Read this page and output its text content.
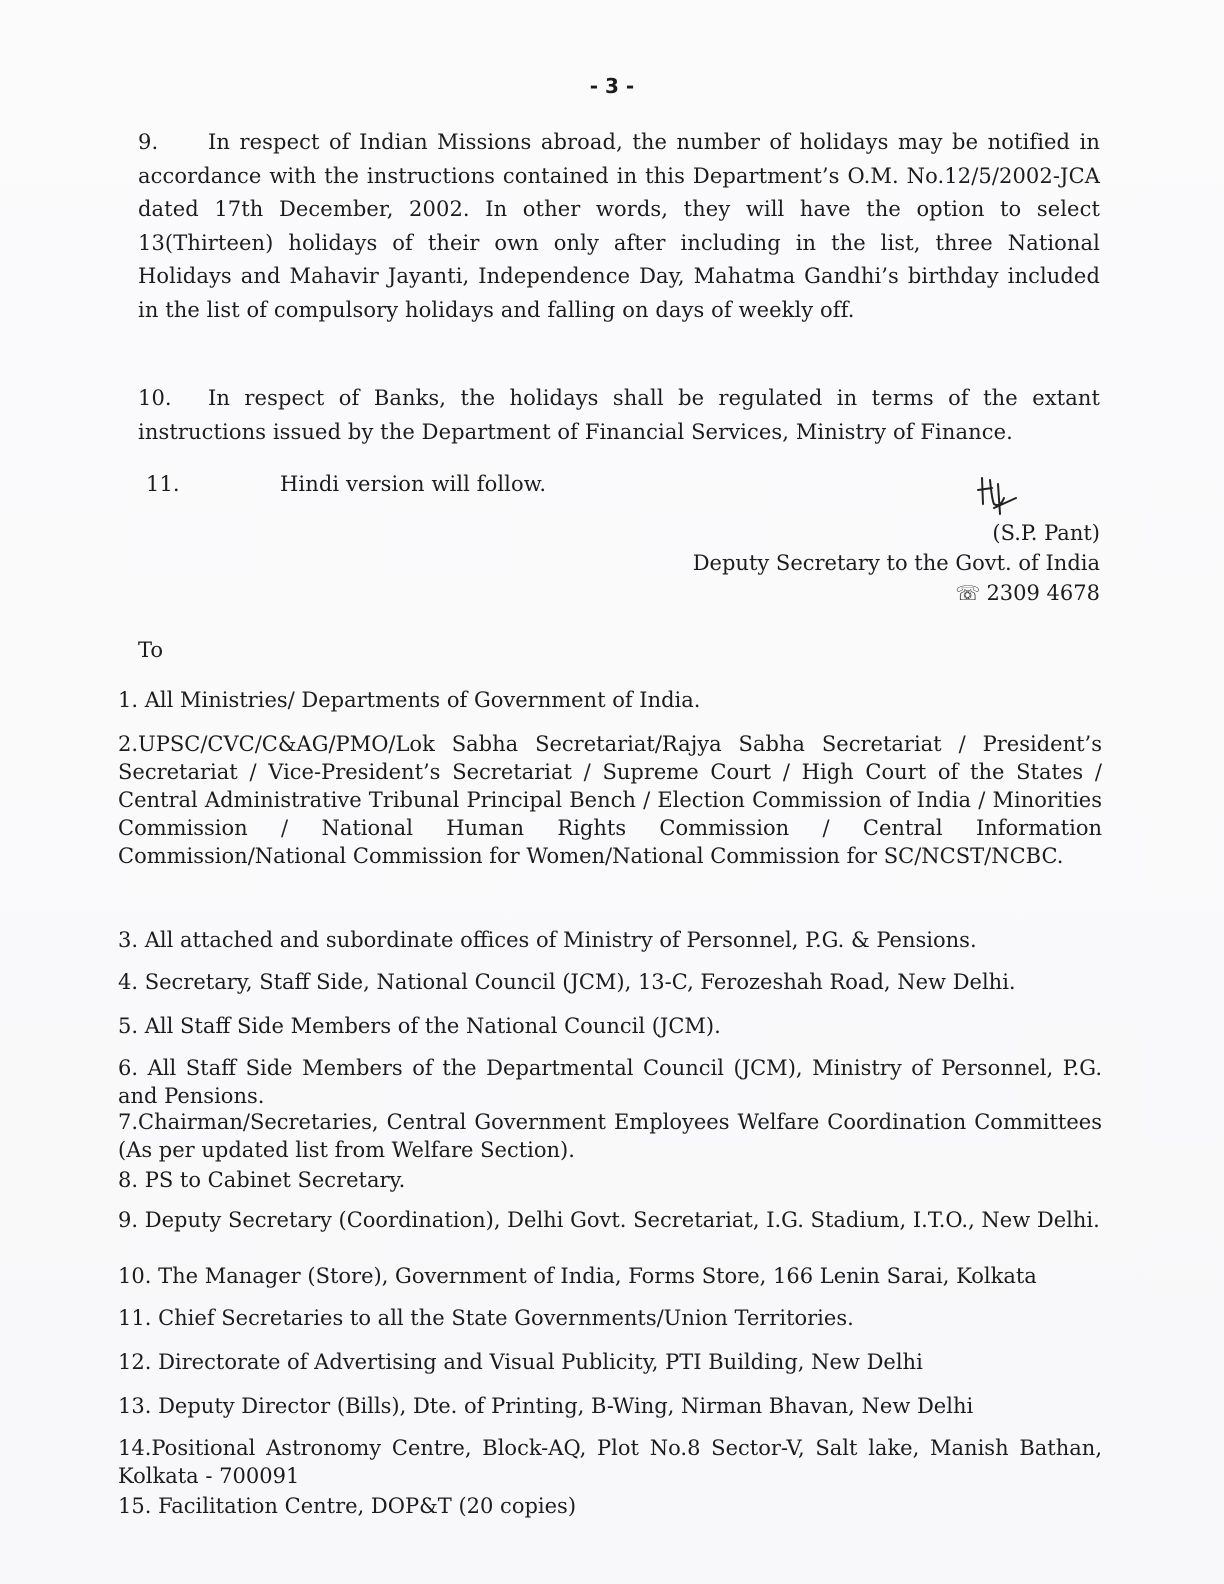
- 3 -
9. In respect of Indian Missions abroad, the number of holidays may be notified in accordance with the instructions contained in this Department’s O.M. No.12/5/2002-JCA dated 17th December, 2002. In other words, they will have the option to select 13(Thirteen) holidays of their own only after including in the list, three National Holidays and Mahavir Jayanti, Independence Day, Mahatma Gandhi’s birthday included in the list of compulsory holidays and falling on days of weekly off.
10. In respect of Banks, the holidays shall be regulated in terms of the extant instructions issued by the Department of Financial Services, Ministry of Finance.
11.	Hindi version will follow.
(S.P. Pant)
Deputy Secretary to the Govt. of India
☏ 2309 4678
To
1. All Ministries/ Departments of Government of India.
2.UPSC/CVC/C&AG/PMO/Lok Sabha Secretariat/Rajya Sabha Secretariat / President’s Secretariat / Vice-President’s Secretariat / Supreme Court / High Court of the States / Central Administrative Tribunal Principal Bench / Election Commission of India / Minorities Commission / National Human Rights Commission / Central Information Commission/National Commission for Women/National Commission for SC/NCST/NCBC.
3. All attached and subordinate offices of Ministry of Personnel, P.G. & Pensions.
4. Secretary, Staff Side, National Council (JCM), 13-C, Ferozeshah Road, New Delhi.
5. All Staff Side Members of the National Council (JCM).
6. All Staff Side Members of the Departmental Council (JCM), Ministry of Personnel, P.G. and Pensions.
7.Chairman/Secretaries, Central Government Employees Welfare Coordination Committees (As per updated list from Welfare Section).
8. PS to Cabinet Secretary.
9. Deputy Secretary (Coordination), Delhi Govt. Secretariat, I.G. Stadium, I.T.O., New Delhi.
10. The Manager (Store), Government of India, Forms Store, 166 Lenin Sarai, Kolkata
11. Chief Secretaries to all the State Governments/Union Territories.
12. Directorate of Advertising and Visual Publicity, PTI Building, New Delhi
13. Deputy Director (Bills), Dte. of Printing, B-Wing, Nirman Bhavan, New Delhi
14.Positional Astronomy Centre, Block-AQ, Plot No.8 Sector-V, Salt lake, Manish Bathan, Kolkata - 700091
15. Facilitation Centre, DOP&T (20 copies)
